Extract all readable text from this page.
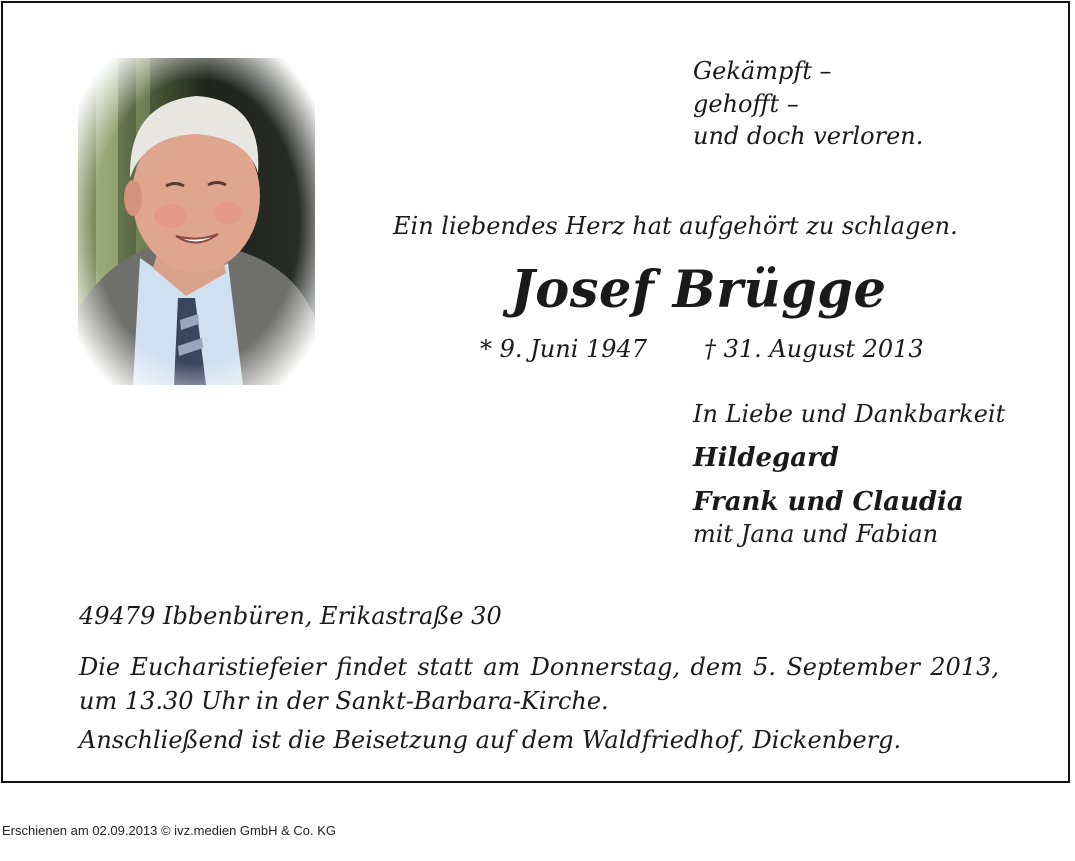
Gekämpft –
gehofft –
und doch verloren.

Ein liebendes Herz hat aufgehört zu schlagen.

Josef Brügge

* 9. Juni 1947 † 31. August 2013

In Liebe und Dankbarkeit
Hildegard
Frank und Claudia
mit Jana und Fabian

49479 Ibbenbüren, Erikastraße 30

Die Eucharistiefeier findet statt am Donnerstag, dem 5. September 2013, um 13.30 Uhr in der Sankt-Barbara-Kirche.

Anschließend ist die Beisetzung auf dem Waldfriedhof, Dickenberg.

Erschienen am 02.09.2013 © ivz.medien GmbH & Co. KG
